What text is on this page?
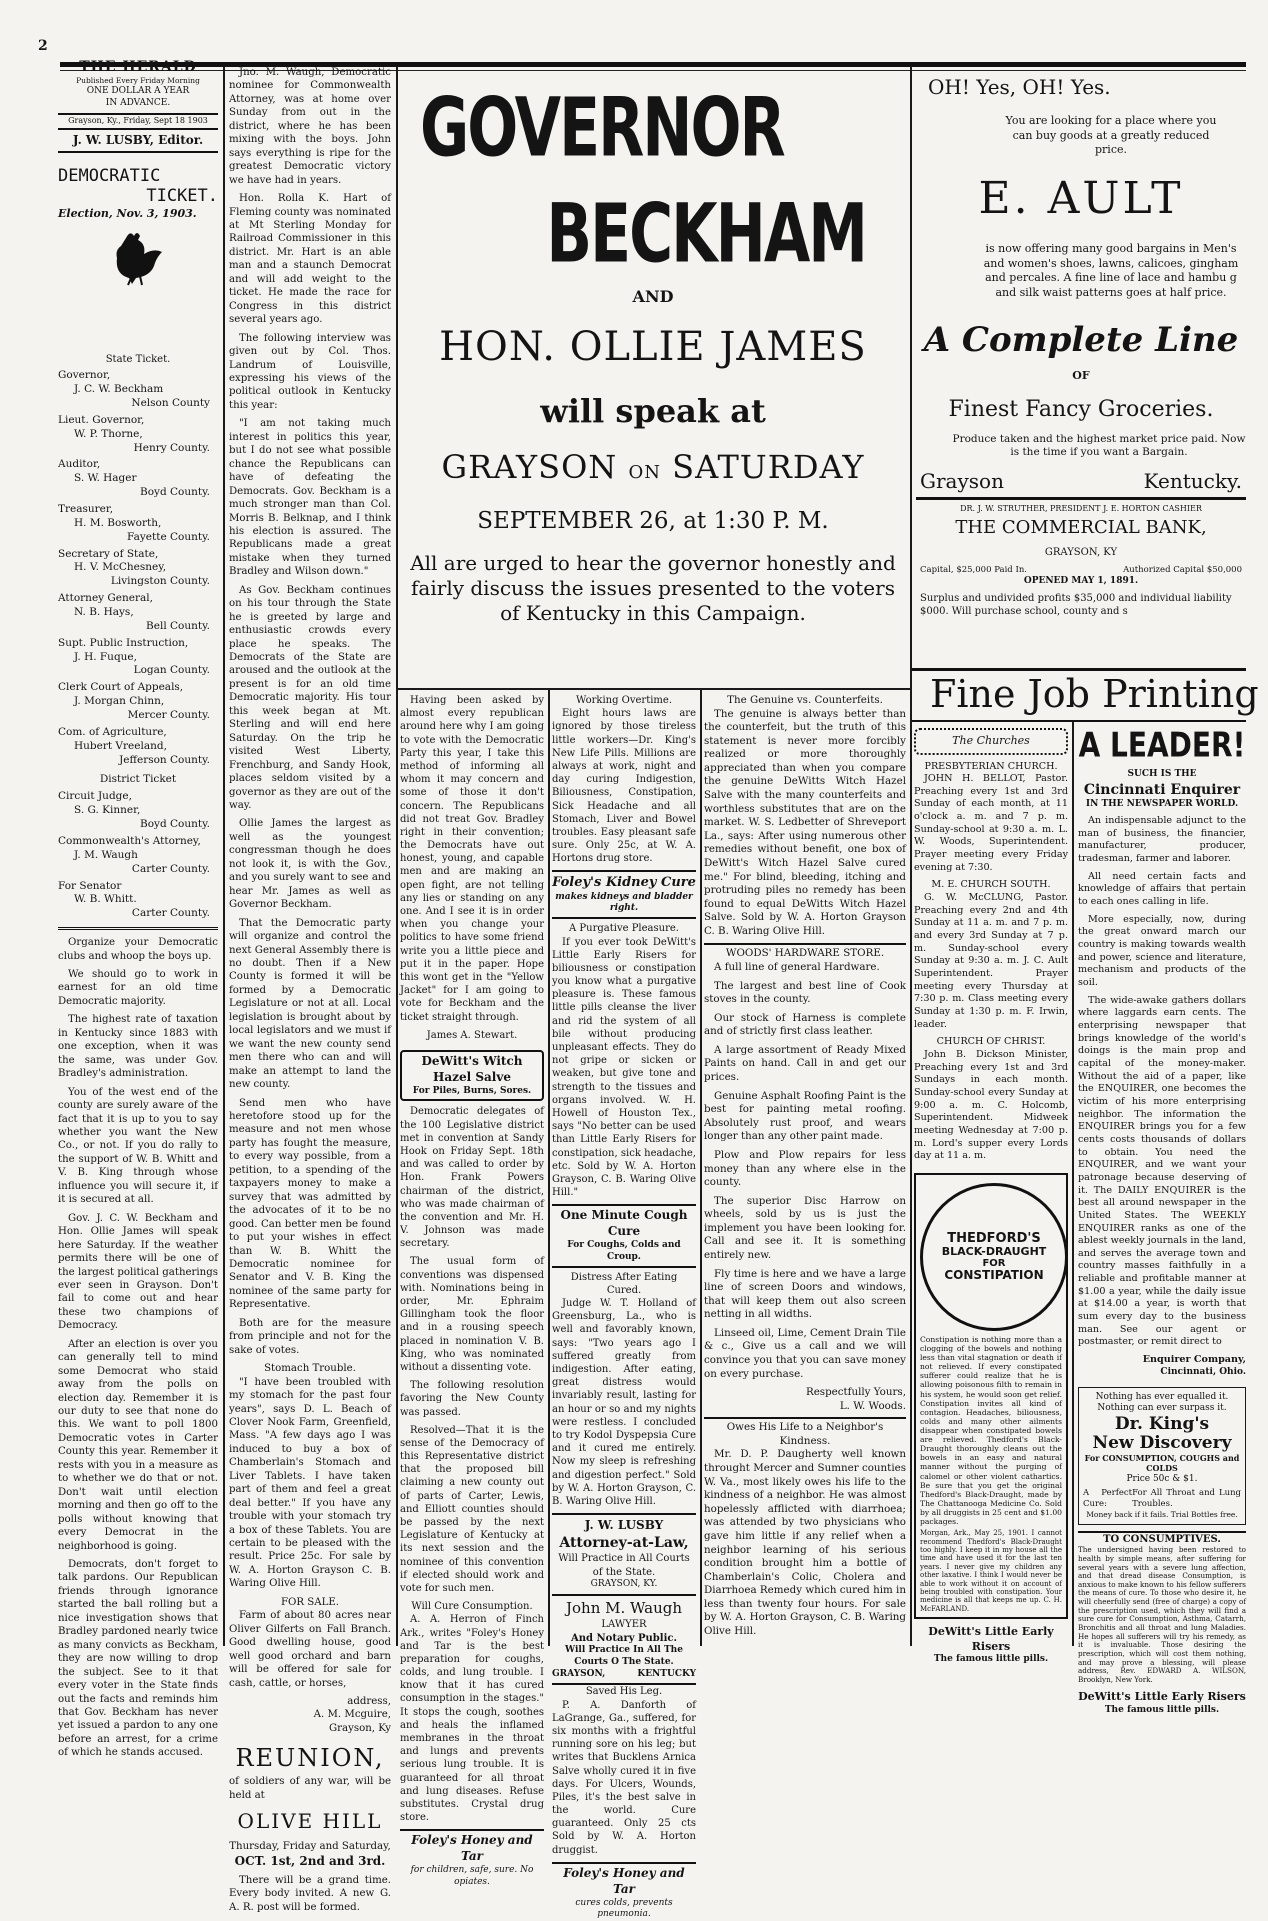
2
THE HERALD
Published Every Friday Morning
ONE DOLLAR A YEAR
IN ADVANCE.
Grayson, Ky., Friday, Sept 18 1903
J. W. LUSBY, Editor.
DEMOCRATIC
TICKET.
Election, Nov. 3, 1903.
State Ticket.
Governor,
J. C. W. Beckham
Nelson County
Lieut. Governor,
W. P. Thorne,
Henry County.
Auditor,
S. W. Hager
Boyd County.
Treasurer,
H. M. Bosworth,
Fayette County.
Secretary of State,
H. V. McChesney,
Livingston County.
Attorney General,
N. B. Hays,
Bell County.
Supt. Public Instruction,
J. H. Fuque,
Logan County.
Clerk Court of Appeals,
J. Morgan Chinn,
Mercer County.
Com. of Agriculture,
Hubert Vreeland,
Jefferson County.
District Ticket
Circuit Judge,
S. G. Kinner,
Boyd County.
Commonwealth's Attorney,
J. M. Waugh
Carter County.
For Senator
W. B. Whitt.
Carter County.
Organize your Democratic clubs and whoop the boys up.
We should go to work in earnest for an old time Democratic majority.
The highest rate of taxation in Kentucky since 1883 with one exception, when it was the same, was under Gov. Bradley's administration.
You of the west end of the county are surely aware of the fact that it is up to you to say whether you want the New Co., or not. If you do rally to the support of W. B. Whitt and V. B. King through whose influence you will secure it, if it is secured at all.
Gov. J. C. W. Beckham and Hon. Ollie James will speak here Saturday. If the weather permits there will be one of the largest political gatherings ever seen in Grayson. Don't fail to come out and hear these two champions of Democracy.
After an election is over you can generally tell to mind some Democrat who staid away from the polls on election day. Remember it is our duty to see that none do this. We want to poll 1800 Democratic votes in Carter County this year. Remember it rests with you in a measure as to whether we do that or not. Don't wait until election morning and then go off to the polls without knowing that every Democrat in the neighborhood is going.
Democrats, don't forget to talk pardons. Our Republican friends through ignorance started the ball rolling but a nice investigation shows that Bradley pardoned nearly twice as many convicts as Beckham, they are now willing to drop the subject. See to it that every voter in the State finds out the facts and reminds him that Gov. Beckham has never yet issued a pardon to any one before an arrest, for a crime of which he stands accused.
Jno. M. Waugh, Democratic nominee for Commonwealth Attorney, was at home over Sunday from out in the district, where he has been mixing with the boys. John says everything is ripe for the greatest Democratic victory we have had in years.
Hon. Rolla K. Hart of Fleming county was nominated at Mt Sterling Monday for Railroad Commissioner in this district. Mr. Hart is an able man and a staunch Democrat and will add weight to the ticket. He made the race for Congress in this district several years ago.
The following interview was given out by Col. Thos. Landrum of Louisville, expressing his views of the political outlook in Kentucky this year:
"I am not taking much interest in politics this year, but I do not see what possible chance the Republicans can have of defeating the Democrats. Gov. Beckham is a much stronger man than Col. Morris B. Belknap, and I think his election is assured. The Republicans made a great mistake when they turned Bradley and Wilson down."
As Gov. Beckham continues on his tour through the State he is greeted by large and enthusiastic crowds every place he speaks. The Democrats of the State are aroused and the outlook at the present is for an old time Democratic majority. His tour this week began at Mt. Sterling and will end here Saturday. On the trip he visited West Liberty, Frenchburg, and Sandy Hook, places seldom visited by a governor as they are out of the way.
Ollie James the largest as well as the youngest congressman though he does not look it, is with the Gov., and you surely want to see and hear Mr. James as well as Governor Beckham.
That the Democratic party will organize and control the next General Assembly there is no doubt. Then if a New County is formed it will be formed by a Democratic Legislature or not at all. Local legislation is brought about by local legislators and we must if we want the new county send men there who can and will make an attempt to land the new county.
Send men who have heretofore stood up for the measure and not men whose party has fought the measure, to every way possible, from a petition, to a spending of the taxpayers money to make a survey that was admitted by the advocates of it to be no good. Can better men be found to put your wishes in effect than W. B. Whitt the Democratic nominee for Senator and V. B. King the nominee of the same party for Representative.
Both are for the measure from principle and not for the sake of votes.
Stomach Trouble.
"I have been troubled with my stomach for the past four years", says D. L. Beach of Clover Nook Farm, Greenfield, Mass. "A few days ago I was induced to buy a box of Chamberlain's Stomach and Liver Tablets. I have taken part of them and feel a great deal better." If you have any trouble with your stomach try a box of these Tablets. You are certain to be pleased with the result. Price 25c. For sale by W. A. Horton Grayson C. B. Waring Olive Hill.
FOR SALE.
Farm of about 80 acres near Oliver Gilferts on Fall Branch. Good dwelling house, good well good orchard and barn will be offered for sale for cash, cattle, or horses,
address,
A. M. Mcguire,
Grayson, Ky
REUNION,
of soldiers of any war, will be held at
OLIVE HILL
Thursday, Friday and Saturday,
OCT. 1st, 2nd and 3rd.
There will be a grand time. Every body invited. A new G. A. R. post will be formed.
GOVERNOR
BECKHAM
AND
HON. OLLIE JAMES
will speak at
GRAYSON ON SATURDAY
SEPTEMBER 26, at 1:30 P. M.
All are urged to hear the governor honestly and fairly discuss the issues presented to the voters of Kentucky in this Campaign.
Having been asked by almost every republican around here why I am going to vote with the Democratic Party this year, I take this method of informing all whom it may concern and some of those it don't concern. The Republicans did not treat Gov. Bradley right in their convention; the Democrats have out honest, young, and capable men and are making an open fight, are not telling any lies or standing on any one. And I see it is in order when you change your politics to have some friend write you a little piece and put it in the paper. Hope this wont get in the "Yellow Jacket" for I am going to vote for Beckham and the ticket straight through.
James A. Stewart.
DeWitt's Witch Hazel Salve
For Piles, Burns, Sores.
Democratic delegates of the 100 Legislative district met in convention at Sandy Hook on Friday Sept. 18th and was called to order by Hon. Frank Powers chairman of the district, who was made chairman of the convention and Mr. H. V. Johnson was made secretary.
The usual form of conventions was dispensed with. Nominations being in order, Mr. Ephraim Gillingham took the floor and in a rousing speech placed in nomination V. B. King, who was nominated without a dissenting vote.
The following resolution favoring the New County was passed.
Resolved—That it is the sense of the Democracy of this Representative district that the proposed bill claiming a new county out of parts of Carter, Lewis, and Elliott counties should be passed by the next Legislature of Kentucky at its next session and the nominee of this convention if elected should work and vote for such men.
Will Cure Consumption.
A. A. Herron of Finch Ark., writes "Foley's Honey and Tar is the best preparation for coughs, colds, and lung trouble. I know that it has cured consumption in the stages." It stops the cough, soothes and heals the inflamed membranes in the throat and lungs and prevents serious lung trouble. It is guaranteed for all throat and lung diseases. Refuse substitutes. Crystal drug store.
Foley's Honey and Tar
for children, safe, sure. No opiates.
Working Overtime.
Eight hours laws are ignored by those tireless little workers—Dr. King's New Life Pills. Millions are always at work, night and day curing Indigestion, Biliousness, Constipation, Sick Headache and all Stomach, Liver and Bowel troubles. Easy pleasant safe sure. Only 25c, at W. A. Hortons drug store.
Foley's Kidney Cure
makes kidneys and bladder right.
A Purgative Pleasure.
If you ever took DeWitt's Little Early Risers for biliousness or constipation you know what a purgative pleasure is. These famous little pills cleanse the liver and rid the system of all bile without producing unpleasant effects. They do not gripe or sicken or weaken, but give tone and strength to the tissues and organs involved. W. H. Howell of Houston Tex., says "No better can be used than Little Early Risers for constipation, sick headache, etc. Sold by W. A. Horton Grayson, C. B. Waring Olive Hill."
One Minute Cough Cure
For Coughs, Colds and Croup.
Distress After Eating Cured.
Judge W. T. Holland of Greensburg, La., who is well and favorably known, says: "Two years ago I suffered greatly from indigestion. After eating, great distress would invariably result, lasting for an hour or so and my nights were restless. I concluded to try Kodol Dyspepsia Cure and it cured me entirely. Now my sleep is refreshing and digestion perfect." Sold by W. A. Horton Grayson, C. B. Waring Olive Hill.
J. W. LUSBY
Attorney-at-Law,
Will Practice in All Courts of the State.
GRAYSON, KY.
John M. Waugh
LAWYER
And Notary Public.
Will Practice In All The Courts O The State.
GRAYSON,	KENTUCKY
Saved His Leg.
P. A. Danforth of LaGrange, Ga., suffered, for six months with a frightful running sore on his leg; but writes that Bucklens Arnica Salve wholly cured it in five days. For Ulcers, Wounds, Piles, it's the best salve in the world. Cure guaranteed. Only 25 cts Sold by W. A. Horton druggist.
Foley's Honey and Tar
cures colds, prevents pneumonia.
The Genuine vs. Counterfeits.
The genuine is always better than the counterfeit, but the truth of this statement is never more forcibly realized or more thoroughly appreciated than when you compare the genuine DeWitts Witch Hazel Salve with the many counterfeits and worthless substitutes that are on the market. W. S. Ledbetter of Shreveport La., says: After using numerous other remedies without benefit, one box of DeWitt's Witch Hazel Salve cured me." For blind, bleeding, itching and protruding piles no remedy has been found to equal DeWitts Witch Hazel Salve. Sold by W. A. Horton Grayson C. B. Waring Olive Hill.
WOODS' HARDWARE STORE.
A full line of general Hardware.
The largest and best line of Cook stoves in the county.
Our stock of Harness is complete and of strictly first class leather.
A large assortment of Ready Mixed Paints on hand. Call in and get our prices.
Genuine Asphalt Roofing Paint is the best for painting metal roofing. Absolutely rust proof, and wears longer than any other paint made.
Plow and Plow repairs for less money than any where else in the county.
The superior Disc Harrow on wheels, sold by us is just the implement you have been looking for. Call and see it. It is something entirely new.
Fly time is here and we have a large line of screen Doors and windows, that will keep them out also screen netting in all widths.
Linseed oil, Lime, Cement Drain Tile & c., Give us a call and we will convince you that you can save money on every purchase.
Respectfully Yours,
L. W. Woods.
Owes His Life to a Neighbor's Kindness.
Mr. D. P. Daugherty well known throught Mercer and Sumner counties W. Va., most likely owes his life to the kindness of a neighbor. He was almost hopelessly afflicted with diarrhoea; was attended by two physicians who gave him little if any relief when a neighbor learning of his serious condition brought him a bottle of Chamberlain's Colic, Cholera and Diarrhoea Remedy which cured him in less than twenty four hours. For sale by W. A. Horton Grayson, C. B. Waring Olive Hill.
OH! Yes, OH! Yes.
You are looking for a place where you can buy goods at a greatly reduced price.
E. AULT
is now offering many good bargains in Men's and women's shoes, lawns, calicoes, gingham and percales. A fine line of lace and hambu g and silk waist patterns goes at half price.
A Complete Line
OF
Finest Fancy Groceries.
Produce taken and the highest market price paid. Now is the time if you want a Bargain.
Grayson	Kentucky.
DR. J. W. STRUTHER, PRESIDENT J. E. HORTON CASHIER
THE COMMERCIAL BANK,
GRAYSON, KY
Capital, $25,000 Paid In.	Authorized Capital $50,000
OPENED MAY 1, 1891.
Surplus and undivided profits $35,000 and individual liability $000. Will purchase school, county and s
Fine Job Printing
The Churches
PRESBYTERIAN CHURCH.
JOHN H. BELLOT, Pastor. Preaching every 1st and 3rd Sunday of each month, at 11 o'clock a. m. and 7 p. m. Sunday-school at 9:30 a. m. L. W. Woods, Superintendent. Prayer meeting every Friday evening at 7:30.
M. E. CHURCH SOUTH.
G. W. McCLUNG, Pastor. Preaching every 2nd and 4th Sunday at 11 a. m. and 7 p. m. and every 3rd Sunday at 7 p. m. Sunday-school every Sunday at 9:30 a. m. J. C. Ault Superintendent. Prayer meeting every Thursday at 7:30 p. m. Class meeting every Sunday at 1:30 p. m. F. Irwin, leader.
CHURCH OF CHRIST.
John B. Dickson Minister, Preaching every 1st and 3rd Sundays in each month. Sunday-school every Sunday at 9:00 a. m. C. Holcomb, Superintendent. Midweek meeting Wednesday at 7:00 p. m. Lord's supper every Lords day at 11 a. m.
THEDFORD'S
BLACK-DRAUGHT
FOR
CONSTIPATION
Constipation is nothing more than a clogging of the bowels and nothing less than vital stagnation or death if not relieved. If every constipated sufferer could realize that he is allowing poisonous filth to remain in his system, he would soon get relief. Constipation invites all kind of contagion. Headaches, biliousness, colds and many other ailments disappear when constipated bowels are relieved. Thedford's Black-Draught thoroughly cleans out the bowels in an easy and natural manner without the purging of calomel or other violent cathartics. Be sure that you get the original Thedford's Black-Draught, made by The Chattanooga Medicine Co. Sold by all druggists in 25 cent and $1.00 packages.
Morgan, Ark., May 25, 1901. I cannot recommend Thedford's Black-Draught too highly. I keep it in my house all the time and have used it for the last ten years. I never give my children any other laxative. I think I would never be able to work without it on account of being troubled with constipation. Your medicine is all that keeps me up. C. H. McFARLAND.
DeWitt's Little Early Risers
The famous little pills.
A LEADER!
SUCH IS THE
Cincinnati Enquirer
IN THE NEWSPAPER WORLD.
An indispensable adjunct to the man of business, the financier, manufacturer, producer, tradesman, farmer and laborer.
All need certain facts and knowledge of affairs that pertain to each ones calling in life.
More especially, now, during the great onward march our country is making towards wealth and power, science and literature, mechanism and products of the soil.
The wide-awake gathers dollars where laggards earn cents. The enterprising newspaper that brings knowledge of the world's doings is the main prop and capital of the money-maker. Without the aid of a paper, like the ENQUIRER, one becomes the victim of his more enterprising neighbor. The information the ENQUIRER brings you for a few cents costs thousands of dollars to obtain. You need the ENQUIRER, and we want your patronage because deserving of it. The DAILY ENQUIRER is the best all around newspaper in the United States. The WEEKLY ENQUIRER ranks as one of the ablest weekly journals in the land, and serves the average town and country masses faithfully in a reliable and profitable manner at $1.00 a year, while the daily issue at $14.00 a year, is worth that sum every day to the business man. See our agent or postmaster, or remit direct to
Enquirer Company,
Cincinnati, Ohio.
Nothing has ever equalled it.
Nothing can ever surpass it.
Dr. King's
New Discovery
For CONSUMPTION, COUGHS and COLDS
Price 50c & $1.
A Perfect Cure:
For All Throat and Lung Troubles.
Money back if it fails. Trial Bottles free.
TO CONSUMPTIVES.
The undersigned having been restored to health by simple means, after suffering for several years with a severe lung affection, and that dread disease Consumption, is anxious to make known to his fellow sufferers the means of cure. To those who desire it, he will cheerfully send (free of charge) a copy of the prescription used, which they will find a sure cure for Consumption, Asthma, Catarrh, Bronchitis and all throat and lung Maladies. He hopes all sufferers will try his remedy, as it is invaluable. Those desiring the prescription, which will cost them nothing, and may prove a blessing, will please address, Rev. EDWARD A. WILSON, Brooklyn, New York.
DeWitt's Little Early Risers
The famous little pills.
